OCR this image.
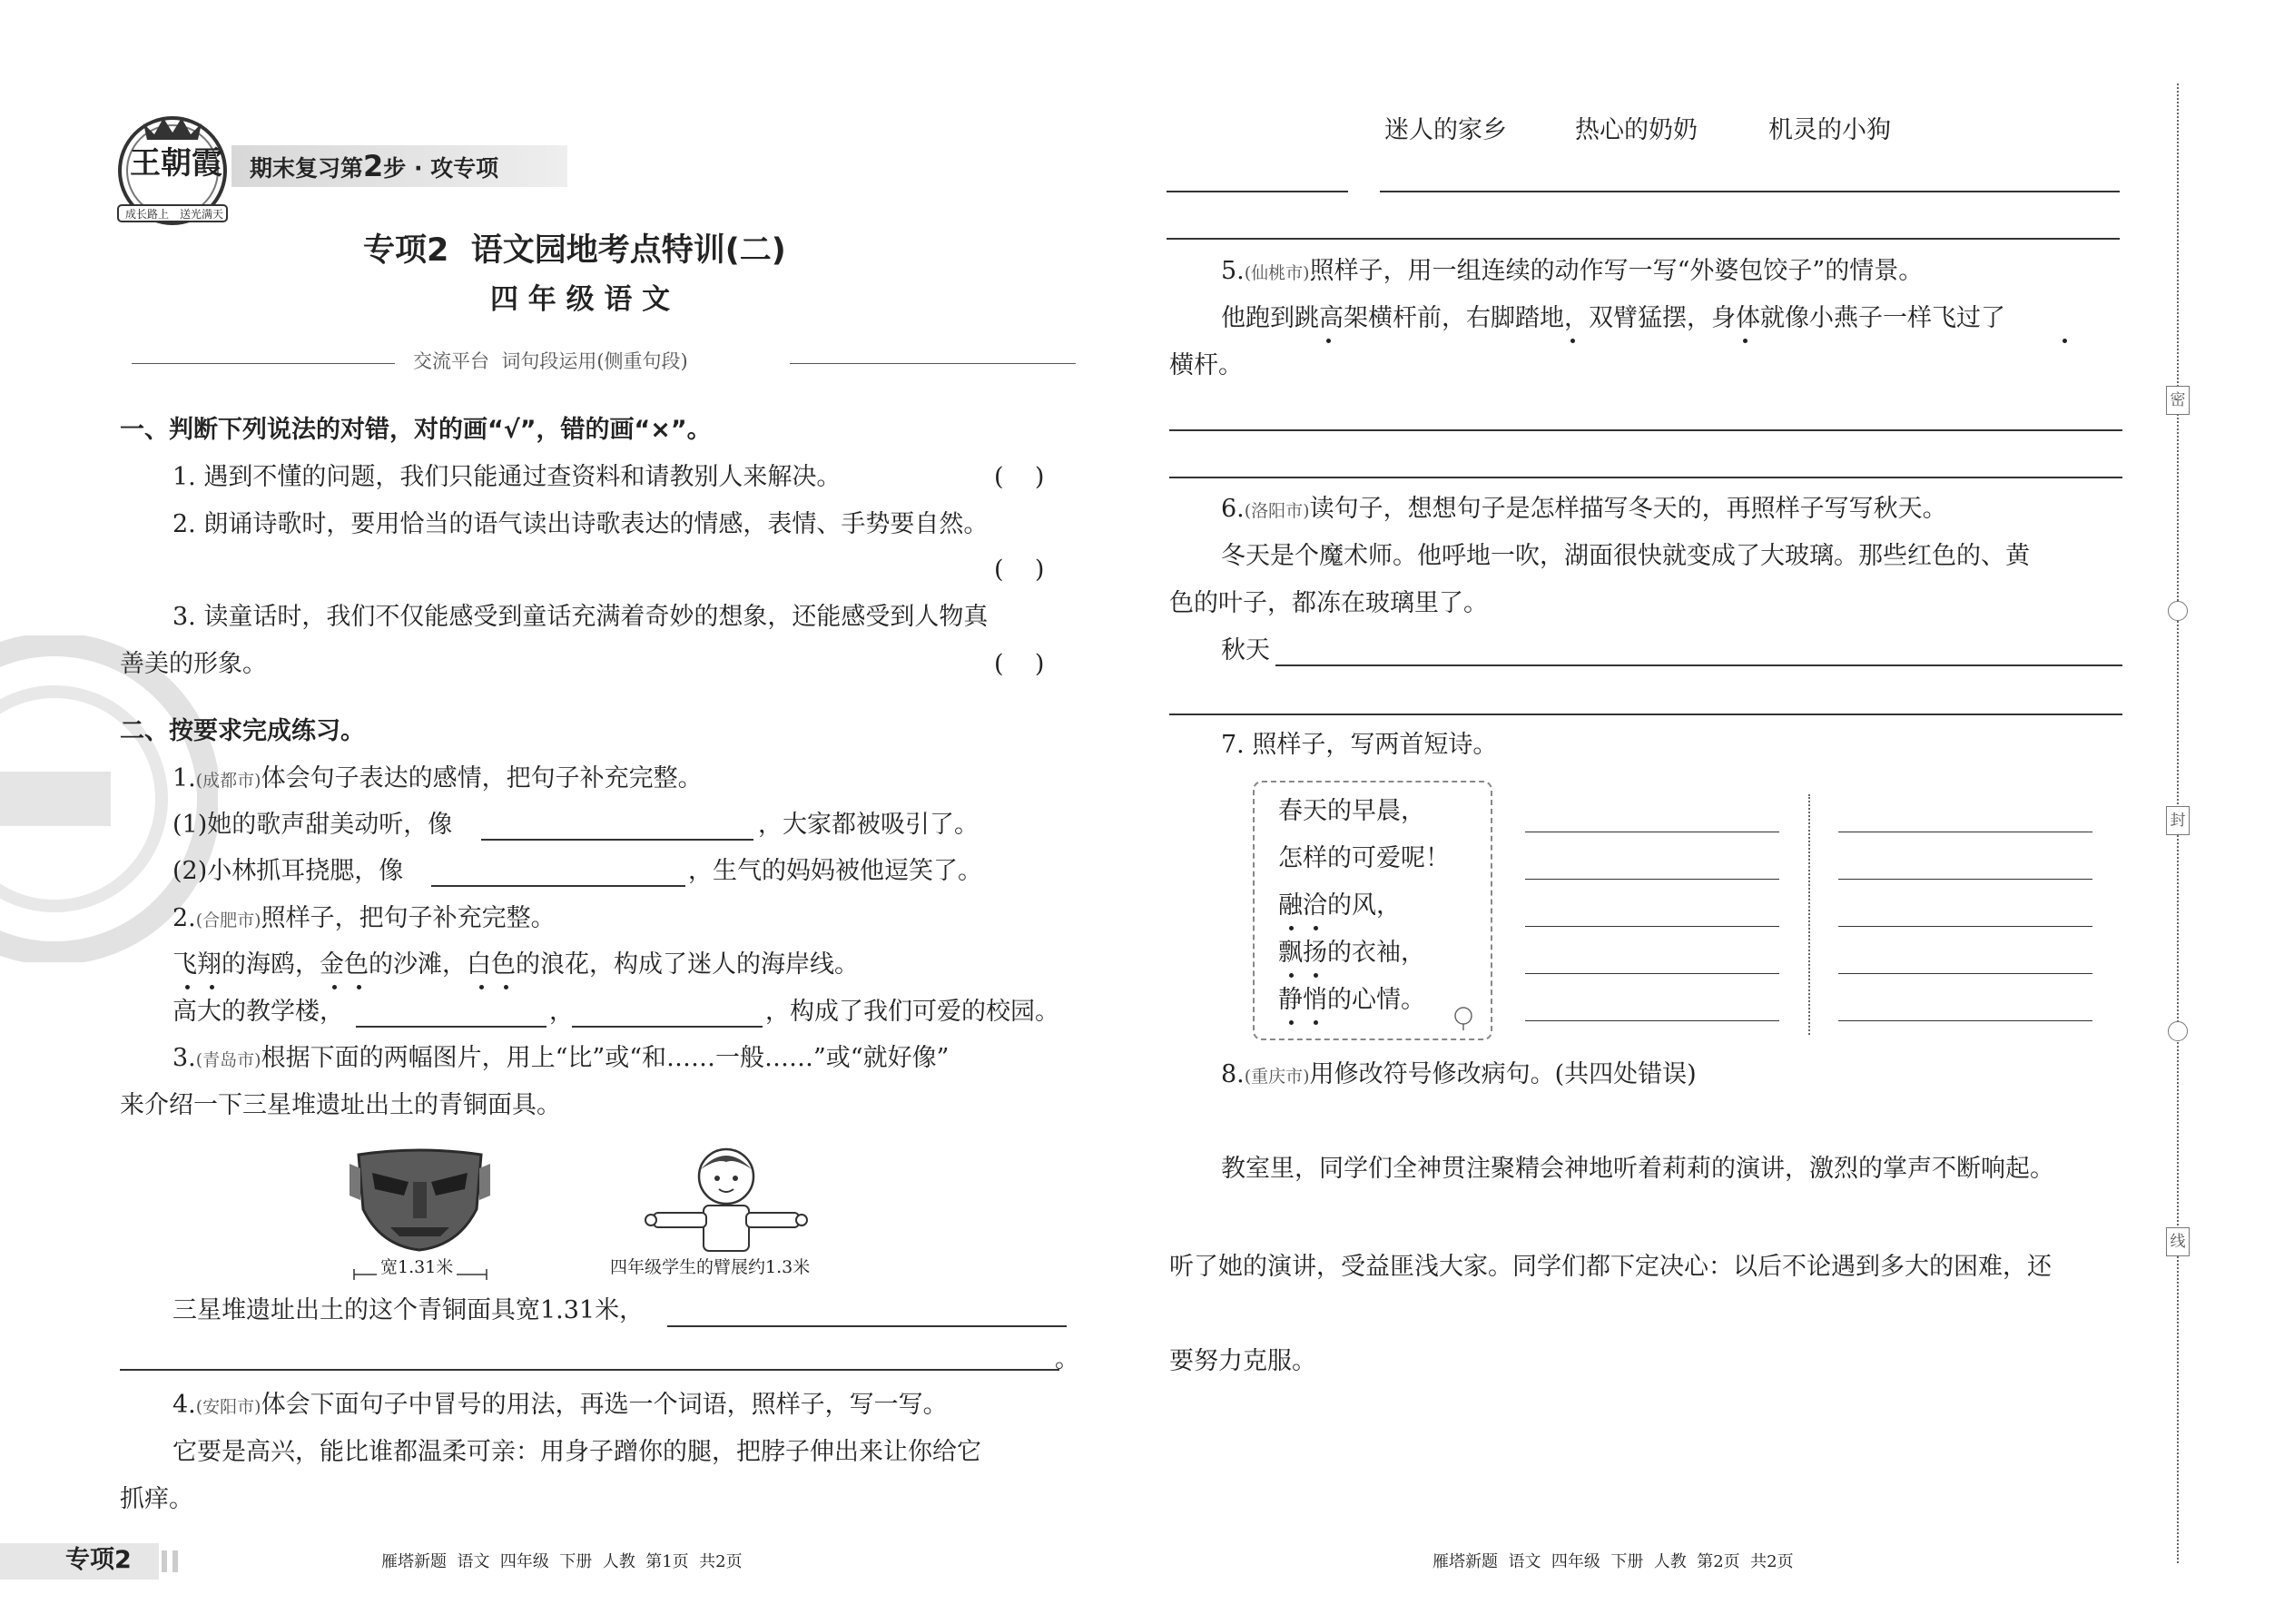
王朝霞
成长路上 送光满天
期末复习第2步 · 攻专项
专项2  语文园地考点特训(二)
四 年 级 语 文
交流平台  词句段运用(侧重句段)
一、判断下列说法的对错，对的画“√”，错的画“×”。
1. 遇到不懂的问题，我们只能通过查资料和请教别人来解决。	(    )
2. 朗诵诗歌时，要用恰当的语气读出诗歌表达的情感，表情、手势要自然。
(    )
3. 读童话时，我们不仅能感受到童话充满着奇妙的想象，还能感受到人物真
善美的形象。	(    )
二、按要求完成练习。
1.(成都市)体会句子表达的感情，把句子补充完整。
(1)她的歌声甜美动听，像	，大家都被吸引了。
(2)小林抓耳挠腮，像	，生气的妈妈被他逗笑了。
2.(合肥市)照样子，把句子补充完整。
飞翔的海鸥，金色的沙滩，白色的浪花，构成了迷人的海岸线。
高大的教学楼，	，	，构成了我们可爱的校园。
3.(青岛市)根据下面的两幅图片，用上“比”或“和……一般……”或“就好像”
来介绍一下三星堆遗址出土的青铜面具。
宽1.31米	四年级学生的臂展约1.3米
三星堆遗址出土的这个青铜面具宽1.31米，
。
4.(安阳市)体会下面句子中冒号的用法，再选一个词语，照样子，写一写。
它要是高兴，能比谁都温柔可亲：用身子蹭你的腿，把脖子伸出来让你给它
抓痒。
迷人的家乡	热心的奶奶	机灵的小狗
5.(仙桃市)照样子，用一组连续的动作写一写“外婆包饺子”的情景。
他跑到跳高架横杆前，右脚踏地，双臂猛摆，身体就像小燕子一样飞过了
横杆。
6.(洛阳市)读句子，想想句子是怎样描写冬天的，再照样子写写秋天。
冬天是个魔术师。他呼地一吹，湖面很快就变成了大玻璃。那些红色的、黄
色的叶子，都冻在玻璃里了。
秋天
7. 照样子，写两首短诗。
春天的早晨，
怎样的可爱呢！
融洽的风，
飘扬的衣袖，
静悄的心情。
8.(重庆市)用修改符号修改病句。(共四处错误)
教室里，同学们全神贯注聚精会神地听着莉莉的演讲，激烈的掌声不断响起。
听了她的演讲，受益匪浅大家。同学们都下定决心：以后不论遇到多大的困难，还
要努力克服。
密
封
线
专项2	雁塔新题  语文  四年级  下册  人教  第1页  共2页	雁塔新题  语文  四年级  下册  人教  第2页  共2页
